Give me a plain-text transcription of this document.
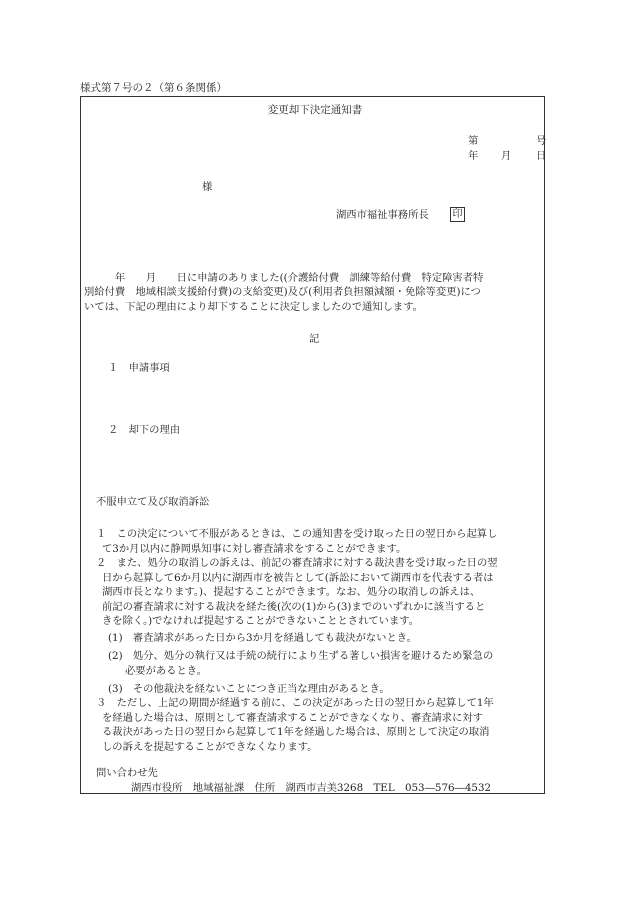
様式第７号の２（第６条関係）
変更却下決定通知書
第	号
年 月 日
様
湖西市福祉事務所長 印
　　　年　　月　　日に申請のありました((介護給付費　訓練等給付費　特定障害者特
別給付費　地域相談支援給付費)の支給変更)及び(利用者負担額減額・免除等変更)につ
いては、下記の理由により却下することに決定しましたので通知します。
記
１　申請事項
２　却下の理由
不服申立て及び取消訴訟
１　この決定について不服があるときは、この通知書を受け取った日の翌日から起算し
て3か月以内に静岡県知事に対し審査請求をすることができます。
２　また、処分の取消しの訴えは、前記の審査請求に対する裁決書を受け取った日の翌
日から起算して6か月以内に湖西市を被告として(訴訟において湖西市を代表する者は
湖西市長となります。)、提起することができます。なお、処分の取消しの訴えは、
前記の審査請求に対する裁決を経た後(次の(1)から(3)までのいずれかに該当すると
きを除く。)でなければ提起することができないこととされています。
(1)　審査請求があった日から3か月を経過しても裁決がないとき。
(2)　処分、処分の執行又は手続の続行により生ずる著しい損害を避けるため緊急の
必要があるとき。
(3)　その他裁決を経ないことにつき正当な理由があるとき。
３　ただし、上記の期間が経過する前に、この決定があった日の翌日から起算して1年
を経過した場合は、原則として審査請求することができなくなり、審査請求に対す
る裁決があった日の翌日から起算して1年を経過した場合は、原則として決定の取消
しの訴えを提起することができなくなります。
問い合わせ先
湖西市役所　地域福祉課　住所　湖西市吉美3268　TEL　053―576―4532
